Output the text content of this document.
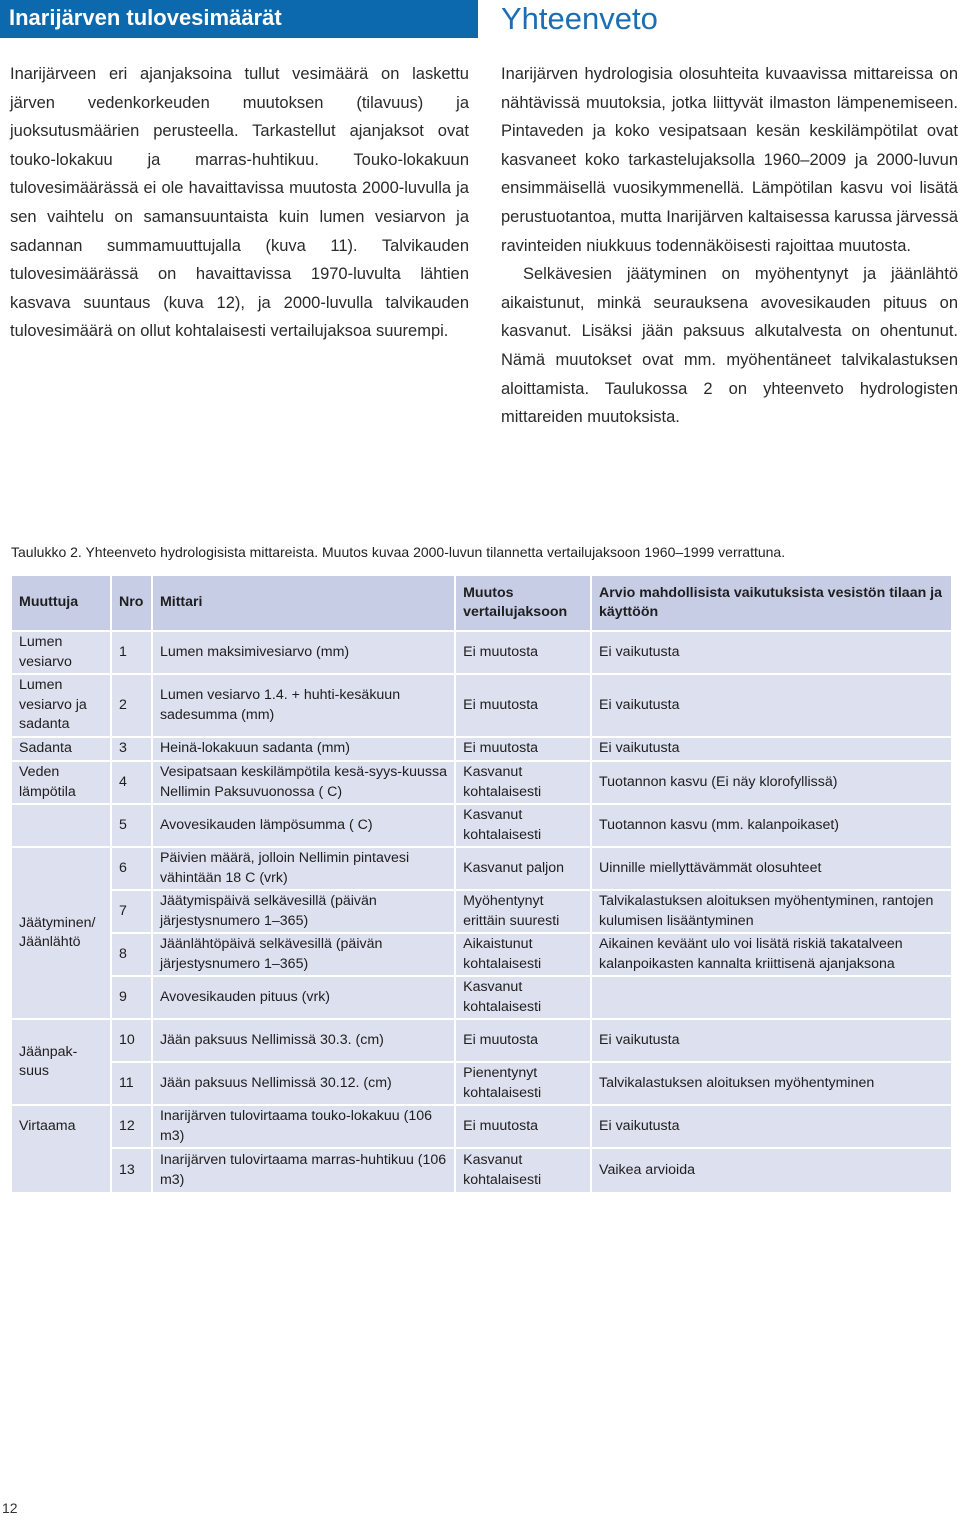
Inarijärven tulovesimäärät	Yhteenveto

Inarijärveen eri ajanjaksoina tullut vesimäärä on laskettu järven vedenkorkeuden muutoksen (tilavuus) ja juoksutusmäärien perusteella. Tarkastellut ajanjaksot ovat touko-lokakuu ja marras-huhtikuu. Touko-lokakuun tulovesimäärässä ei ole havaittavissa muutosta 2000-luvulla ja sen vaihtelu on samansuuntaista kuin lumen vesiarvon ja sadannan summamuuttujalla (kuva 11). Talvikauden tulovesimäärässä on havaittavissa 1970-luvulta lähtien kasvava suuntaus (kuva 12), ja 2000-luvulla talvikauden tulovesimäärä on ollut kohtalaisesti vertailujaksoa suurempi.

Inarijärven hydrologisia olosuhteita kuvaavissa mittareissa on nähtävissä muutoksia, jotka liittyvät ilmaston lämpenemiseen. Pintaveden ja koko vesipatsaan kesän keskilämpötilat ovat kasvaneet koko tarkastelujaksolla 1960–2009 ja 2000-luvun ensimmäisellä vuosikymmenellä. Lämpötilan kasvu voi lisätä perustuotantoa, mutta Inarijärven kaltaisessa karussa järvessä ravinteiden niukkuus todennäköisesti rajoittaa muutosta.

Selkävesien jäätyminen on myöhentynyt ja jäänlähtö aikaistunut, minkä seurauksena avovesikauden pituus on kasvanut. Lisäksi jään paksuus alkutalvesta on ohentunut. Nämä muutokset ovat mm. myöhentäneet talvikalastuksen aloittamista. Taulukossa 2 on yhteenveto hydrologisten mittareiden muutoksista.

Taulukko 2. Yhteenveto hydrologisista mittareista. Muutos kuvaa 2000-luvun tilannetta vertailujaksoon 1960–1999 verrattuna.

Muuttuja	Nro	Mittari	Muutos vertailujaksoon	Arvio mahdollisista vaikutuksista vesistön tilaan ja käyttöön
Lumen vesiarvo	1	Lumen maksimivesiarvo (mm)	Ei muutosta	Ei vaikutusta
Lumen vesiarvo ja sadanta	2	Lumen vesiarvo 1.4. + huhti-kesäkuun sadesumma (mm)	Ei muutosta	Ei vaikutusta
Sadanta	3	Heinä-lokakuun sadanta (mm)	Ei muutosta	Ei vaikutusta
Veden lämpötila	4	Vesipatsaan keskilämpötila kesä-syys-kuussa Nellimin Paksuvuonossa ( C)	Kasvanut kohtalaisesti	Tuotannon kasvu (Ei näy klorofyllissä)
	5	Avovesikauden lämpösumma ( C)	Kasvanut kohtalaisesti	Tuotannon kasvu (mm. kalanpoikaset)
Jäätyminen/ Jäänlähtö	6	Päivien määrä, jolloin Nellimin pintavesi vähintään 18 C (vrk)	Kasvanut paljon	Uinnille miellyttävämmät olosuhteet
	7	Jäätymispäivä selkävesillä (päivän järjestysnumero 1–365)	Myöhentynyt erittäin suuresti	Talvikalastuksen aloituksen myöhentyminen, rantojen kulumisen lisääntyminen
	8	Jäänlähtöpäivä selkävesillä (päivän järjestysnumero 1–365)	Aikaistunut kohtalaisesti	Aikainen keväänt ulo voi lisätä riskiä takatalveen kalanpoikasten kannalta kriittisenä ajanjaksona
	9	Avovesikauden pituus (vrk)	Kasvanut kohtalaisesti	
Jäänpak- suus	10	Jään paksuus Nellimissä 30.3. (cm)	Ei muutosta	Ei vaikutusta
	11	Jään paksuus Nellimissä 30.12. (cm)	Pienentynyt kohtalaisesti	Talvikalastuksen aloituksen myöhentyminen
Virtaama	12	Inarijärven tulovirtaama touko-lokakuu (106 m3)	Ei muutosta	Ei vaikutusta
	13	Inarijärven tulovirtaama marras-huhtikuu (106 m3)	Kasvanut kohtalaisesti	Vaikea arvioida
12
